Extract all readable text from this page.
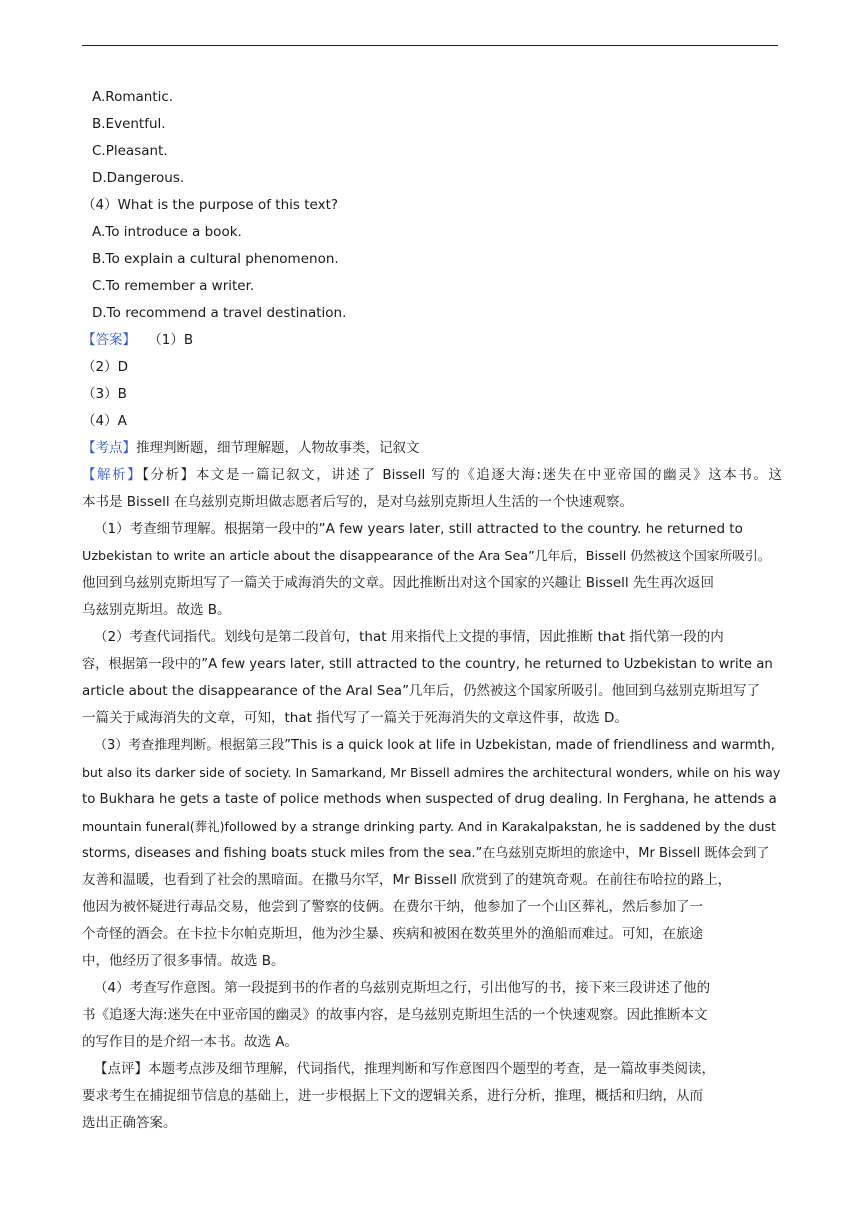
A.Romantic.
B.Eventful.
C.Pleasant.
D.Dangerous.
（4）What is the purpose of this text?
A.To introduce a book.
B.To explain a cultural phenomenon.
C.To remember a writer.
D.To recommend a travel destination.
【答案】 （1）B
（2）D
（3）B
（4）A
【考点】推理判断题，细节理解题，人物故事类，记叙文
【解析】【分析】本文是一篇记叙文，讲述了 Bissell 写的《追逐大海:迷失在中亚帝国的幽灵》这本书。这
本书是 Bissell 在乌兹别克斯坦做志愿者后写的，是对乌兹别克斯坦人生活的一个快速观察。
（1）考查细节理解。根据第一段中的”A few years later, still attracted to the country. he returned to
Uzbekistan to write an article about the disappearance of the Ara Sea”几年后，Bissell 仍然被这个国家所吸引。
他回到乌兹别克斯坦写了一篇关于咸海消失的文章。因此推断出对这个国家的兴趣让 Bissell 先生再次返回
乌兹别克斯坦。故选 B。
（2）考查代词指代。划线句是第二段首句，that 用来指代上文提的事情，因此推断 that 指代第一段的内
容，根据第一段中的”A few years later, still attracted to the country, he returned to Uzbekistan to write an
article about the disappearance of the Aral Sea”几年后，仍然被这个国家所吸引。他回到乌兹别克斯坦写了
一篇关于咸海消失的文章，可知，that 指代写了一篇关于死海消失的文章这件事，故选 D。
（3）考查推理判断。根据第三段”This is a quick look at life in Uzbekistan, made of friendliness and warmth,
but also its darker side of society. In Samarkand, Mr Bissell admires the architectural wonders, while on his way
to Bukhara he gets a taste of police methods when suspected of drug dealing. In Ferghana, he attends a
mountain funeral(葬礼)followed by a strange drinking party. And in Karakalpakstan, he is saddened by the dust
storms, diseases and fishing boats stuck miles from the sea.”在乌兹别克斯坦的旅途中，Mr Bissell 既体会到了
友善和温暖，也看到了社会的黑暗面。在撒马尔罕，Mr Bissell 欣赏到了的建筑奇观。在前往布哈拉的路上，
他因为被怀疑进行毒品交易，他尝到了警察的伎俩。在费尔干纳，他参加了一个山区葬礼，然后参加了一
个奇怪的酒会。在卡拉卡尔帕克斯坦，他为沙尘暴、疾病和被困在数英里外的渔船而难过。可知，在旅途
中，他经历了很多事情。故选 B。
（4）考查写作意图。第一段提到书的作者的乌兹别克斯坦之行，引出他写的书，接下来三段讲述了他的
书《追逐大海:迷失在中亚帝国的幽灵》的故事内容，是乌兹别克斯坦生活的一个快速观察。因此推断本文
的写作目的是介绍一本书。故选 A。
【点评】本题考点涉及细节理解，代词指代，推理判断和写作意图四个题型的考查，是一篇故事类阅读，
要求考生在捕捉细节信息的基础上，进一步根据上下文的逻辑关系，进行分析，推理，概括和归纳，从而
选出正确答案。
